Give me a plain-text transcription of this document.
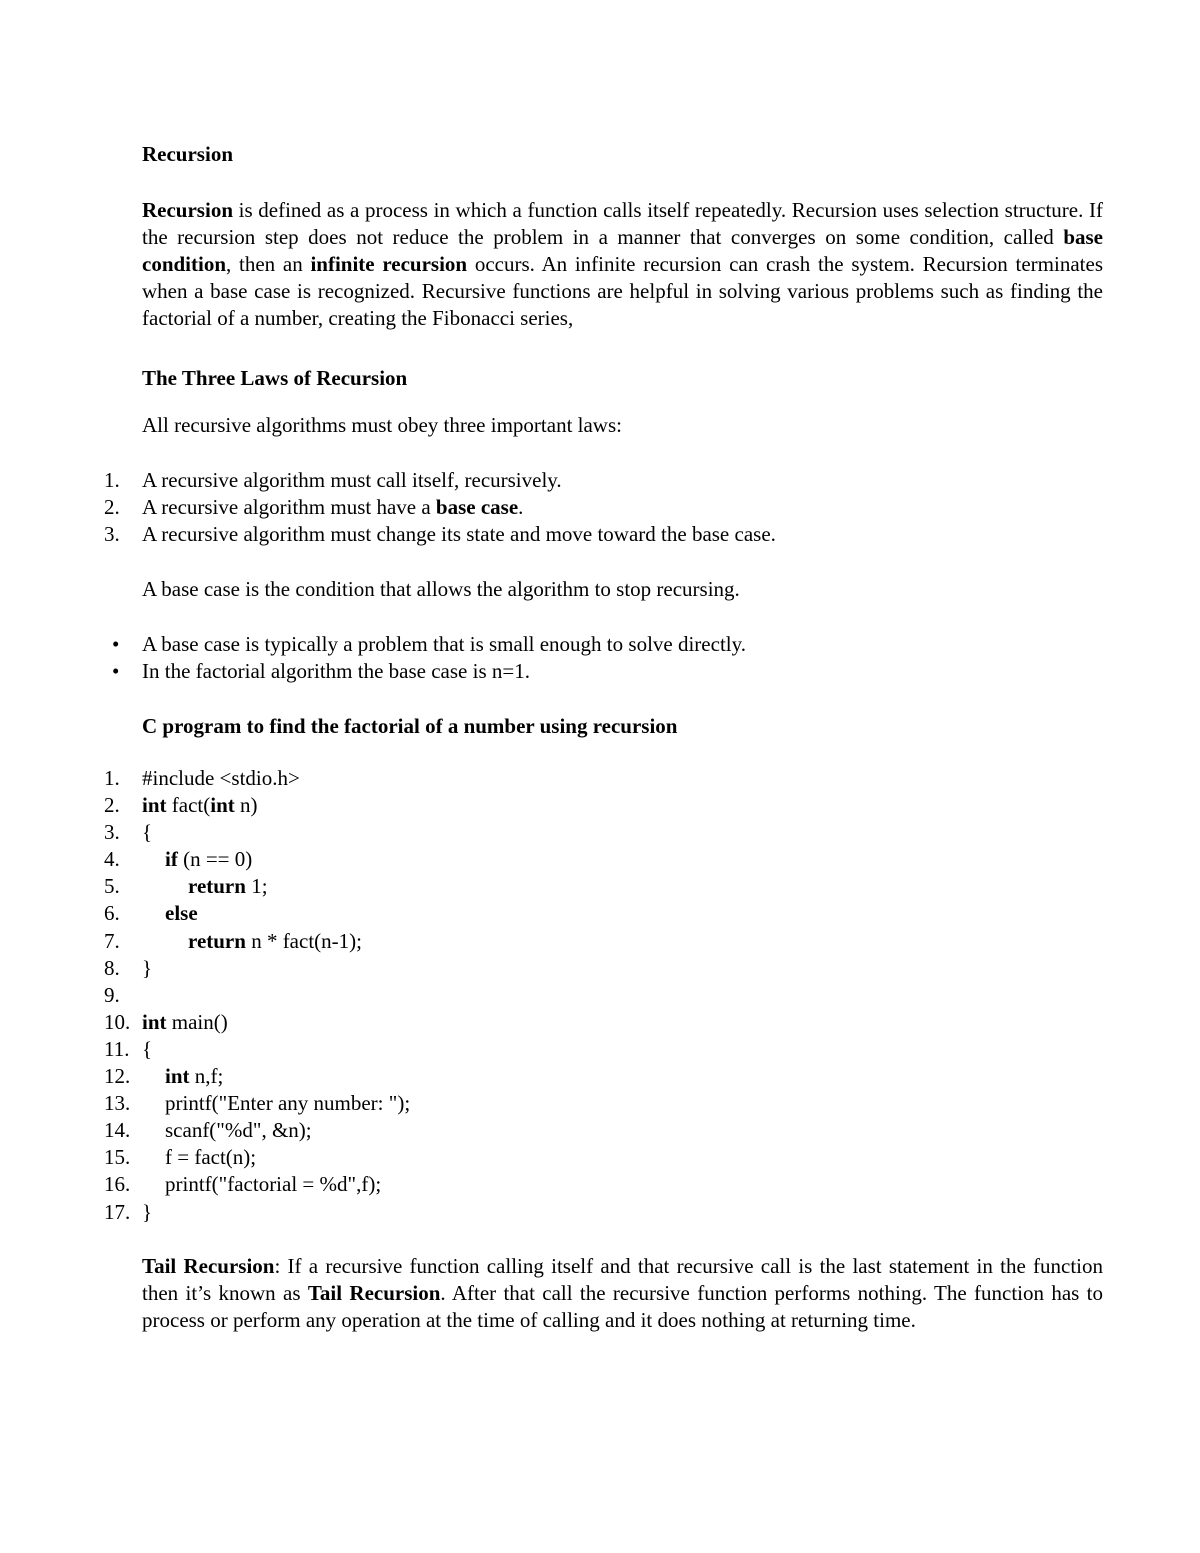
Recursion

Recursion is defined as a process in which a function calls itself repeatedly. Recursion uses selection structure. If the recursion step does not reduce the problem in a manner that converges on some condition, called base condition, then an infinite recursion occurs. An infinite recursion can crash the system. Recursion terminates when a base case is recognized. Recursive functions are helpful in solving various problems such as finding the factorial of a number, creating the Fibonacci series,

The Three Laws of Recursion

All recursive algorithms must obey three important laws:

1. A recursive algorithm must call itself, recursively.
2. A recursive algorithm must have a base case.
3. A recursive algorithm must change its state and move toward the base case.

A base case is the condition that allows the algorithm to stop recursing.

• A base case is typically a problem that is small enough to solve directly.
• In the factorial algorithm the base case is n=1.
C program to find the factorial of a number using recursion
1. #include <stdio.h>
2. int fact(int n)
3. {
4. if (n == 0)
5.	return 1;
6. else
7.	return n * fact(n-1);
8. }
9.
10. int main()
11. {
12. int n,f;
13. printf("Enter any number: ");
14. scanf("%d", &n);
15. f = fact(n);
16. printf("factorial = %d",f);
17. }

Tail Recursion: If a recursive function calling itself and that recursive call is the last statement in the function then it’s known as Tail Recursion. After that call the recursive function performs nothing. The function has to process or perform any operation at the time of calling and it does nothing at returning time.
